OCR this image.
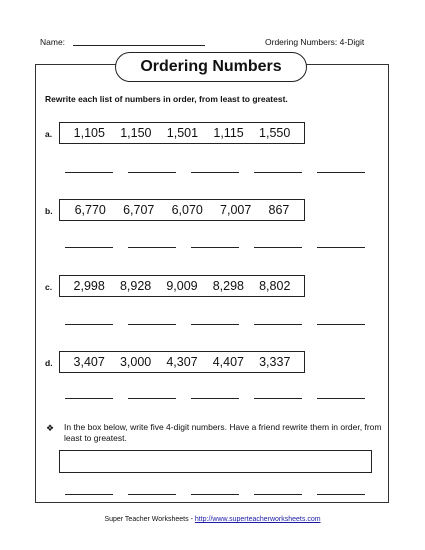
Name:	Ordering Numbers: 4-Digit
Ordering Numbers
Rewrite each list of numbers in order, from least to greatest.
a. 1,105 1,150 1,501 1,115 1,550
b. 6,770 6,707 6,070 7,007 867
c. 2,998 8,928 9,009 8,298 8,802
d. 3,407 3,000 4,307 4,407 3,337
❖ In the box below, write five 4-digit numbers. Have a friend rewrite them in order, from least to greatest.
Super Teacher Worksheets - http://www.superteacherworksheets.com
